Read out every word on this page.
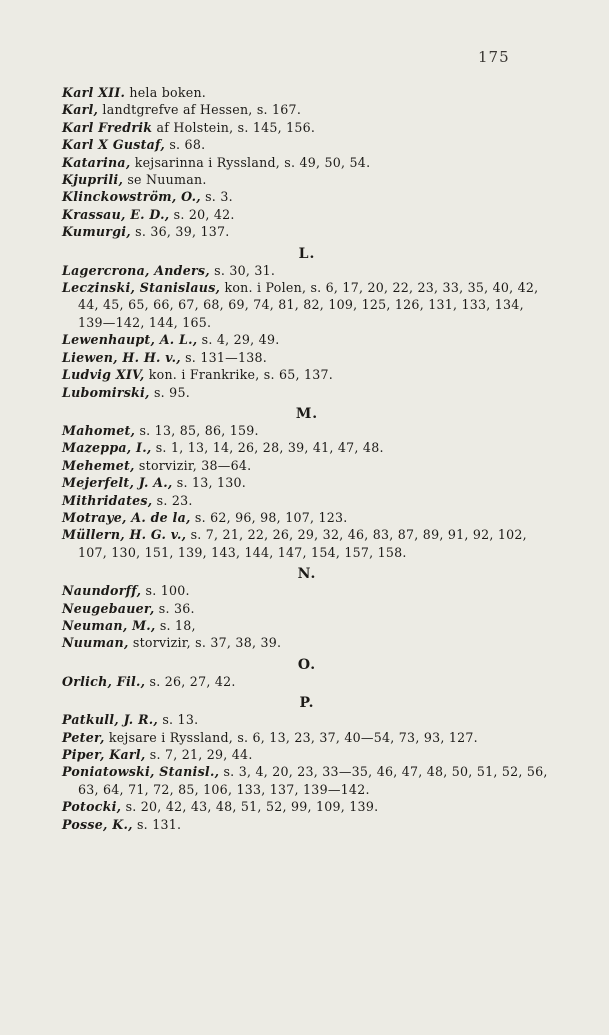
175
Karl XII. hela boken.
Karl, landtgrefve af Hessen, s. 167.
Karl Fredrik af Holstein, s. 145, 156.
Karl X Gustaf, s. 68.
Katarina, kejsarinna i Ryssland, s. 49, 50, 54.
Kjuprili, se Nuuman.
Klinckowström, O., s. 3.
Krassau, E. D., s. 20, 42.
Kumurgi, s. 36, 39, 137.
L.
Lagercrona, Anders, s. 30, 31.
Leczinski, Stanislaus, kon. i Polen, s. 6, 17, 20, 22, 23, 33, 35, 40, 42, 44, 45, 65, 66, 67, 68, 69, 74, 81, 82, 109, 125, 126, 131, 133, 134, 139—142, 144, 165.
Lewenhaupt, A. L., s. 4, 29, 49.
Liewen, H. H. v., s. 131—138.
Ludvig XIV, kon. i Frankrike, s. 65, 137.
Lubomirski, s. 95.
M.
Mahomet, s. 13, 85, 86, 159.
Mazeppa, I., s. 1, 13, 14, 26, 28, 39, 41, 47, 48.
Mehemet, storvizir, 38—64.
Mejerfelt, J. A., s. 13, 130.
Mithridates, s. 23.
Motraye, A. de la, s. 62, 96, 98, 107, 123.
Müllern, H. G. v., s. 7, 21, 22, 26, 29, 32, 46, 83, 87, 89, 91, 92, 102, 107, 130, 151, 139, 143, 144, 147, 154, 157, 158.
N.
Naundorff, s. 100.
Neugebauer, s. 36.
Neuman, M., s. 18,
Nuuman, storvizir, s. 37, 38, 39.
O.
Orlich, Fil., s. 26, 27, 42.
P.
Patkull, J. R., s. 13.
Peter, kejsare i Ryssland, s. 6, 13, 23, 37, 40—54, 73, 93, 127.
Piper, Karl, s. 7, 21, 29, 44.
Poniatowski, Stanisl., s. 3, 4, 20, 23, 33—35, 46, 47, 48, 50, 51, 52, 56, 63, 64, 71, 72, 85, 106, 133, 137, 139—142.
Potocki, s. 20, 42, 43, 48, 51, 52, 99, 109, 139.
Posse, K., s. 131.
